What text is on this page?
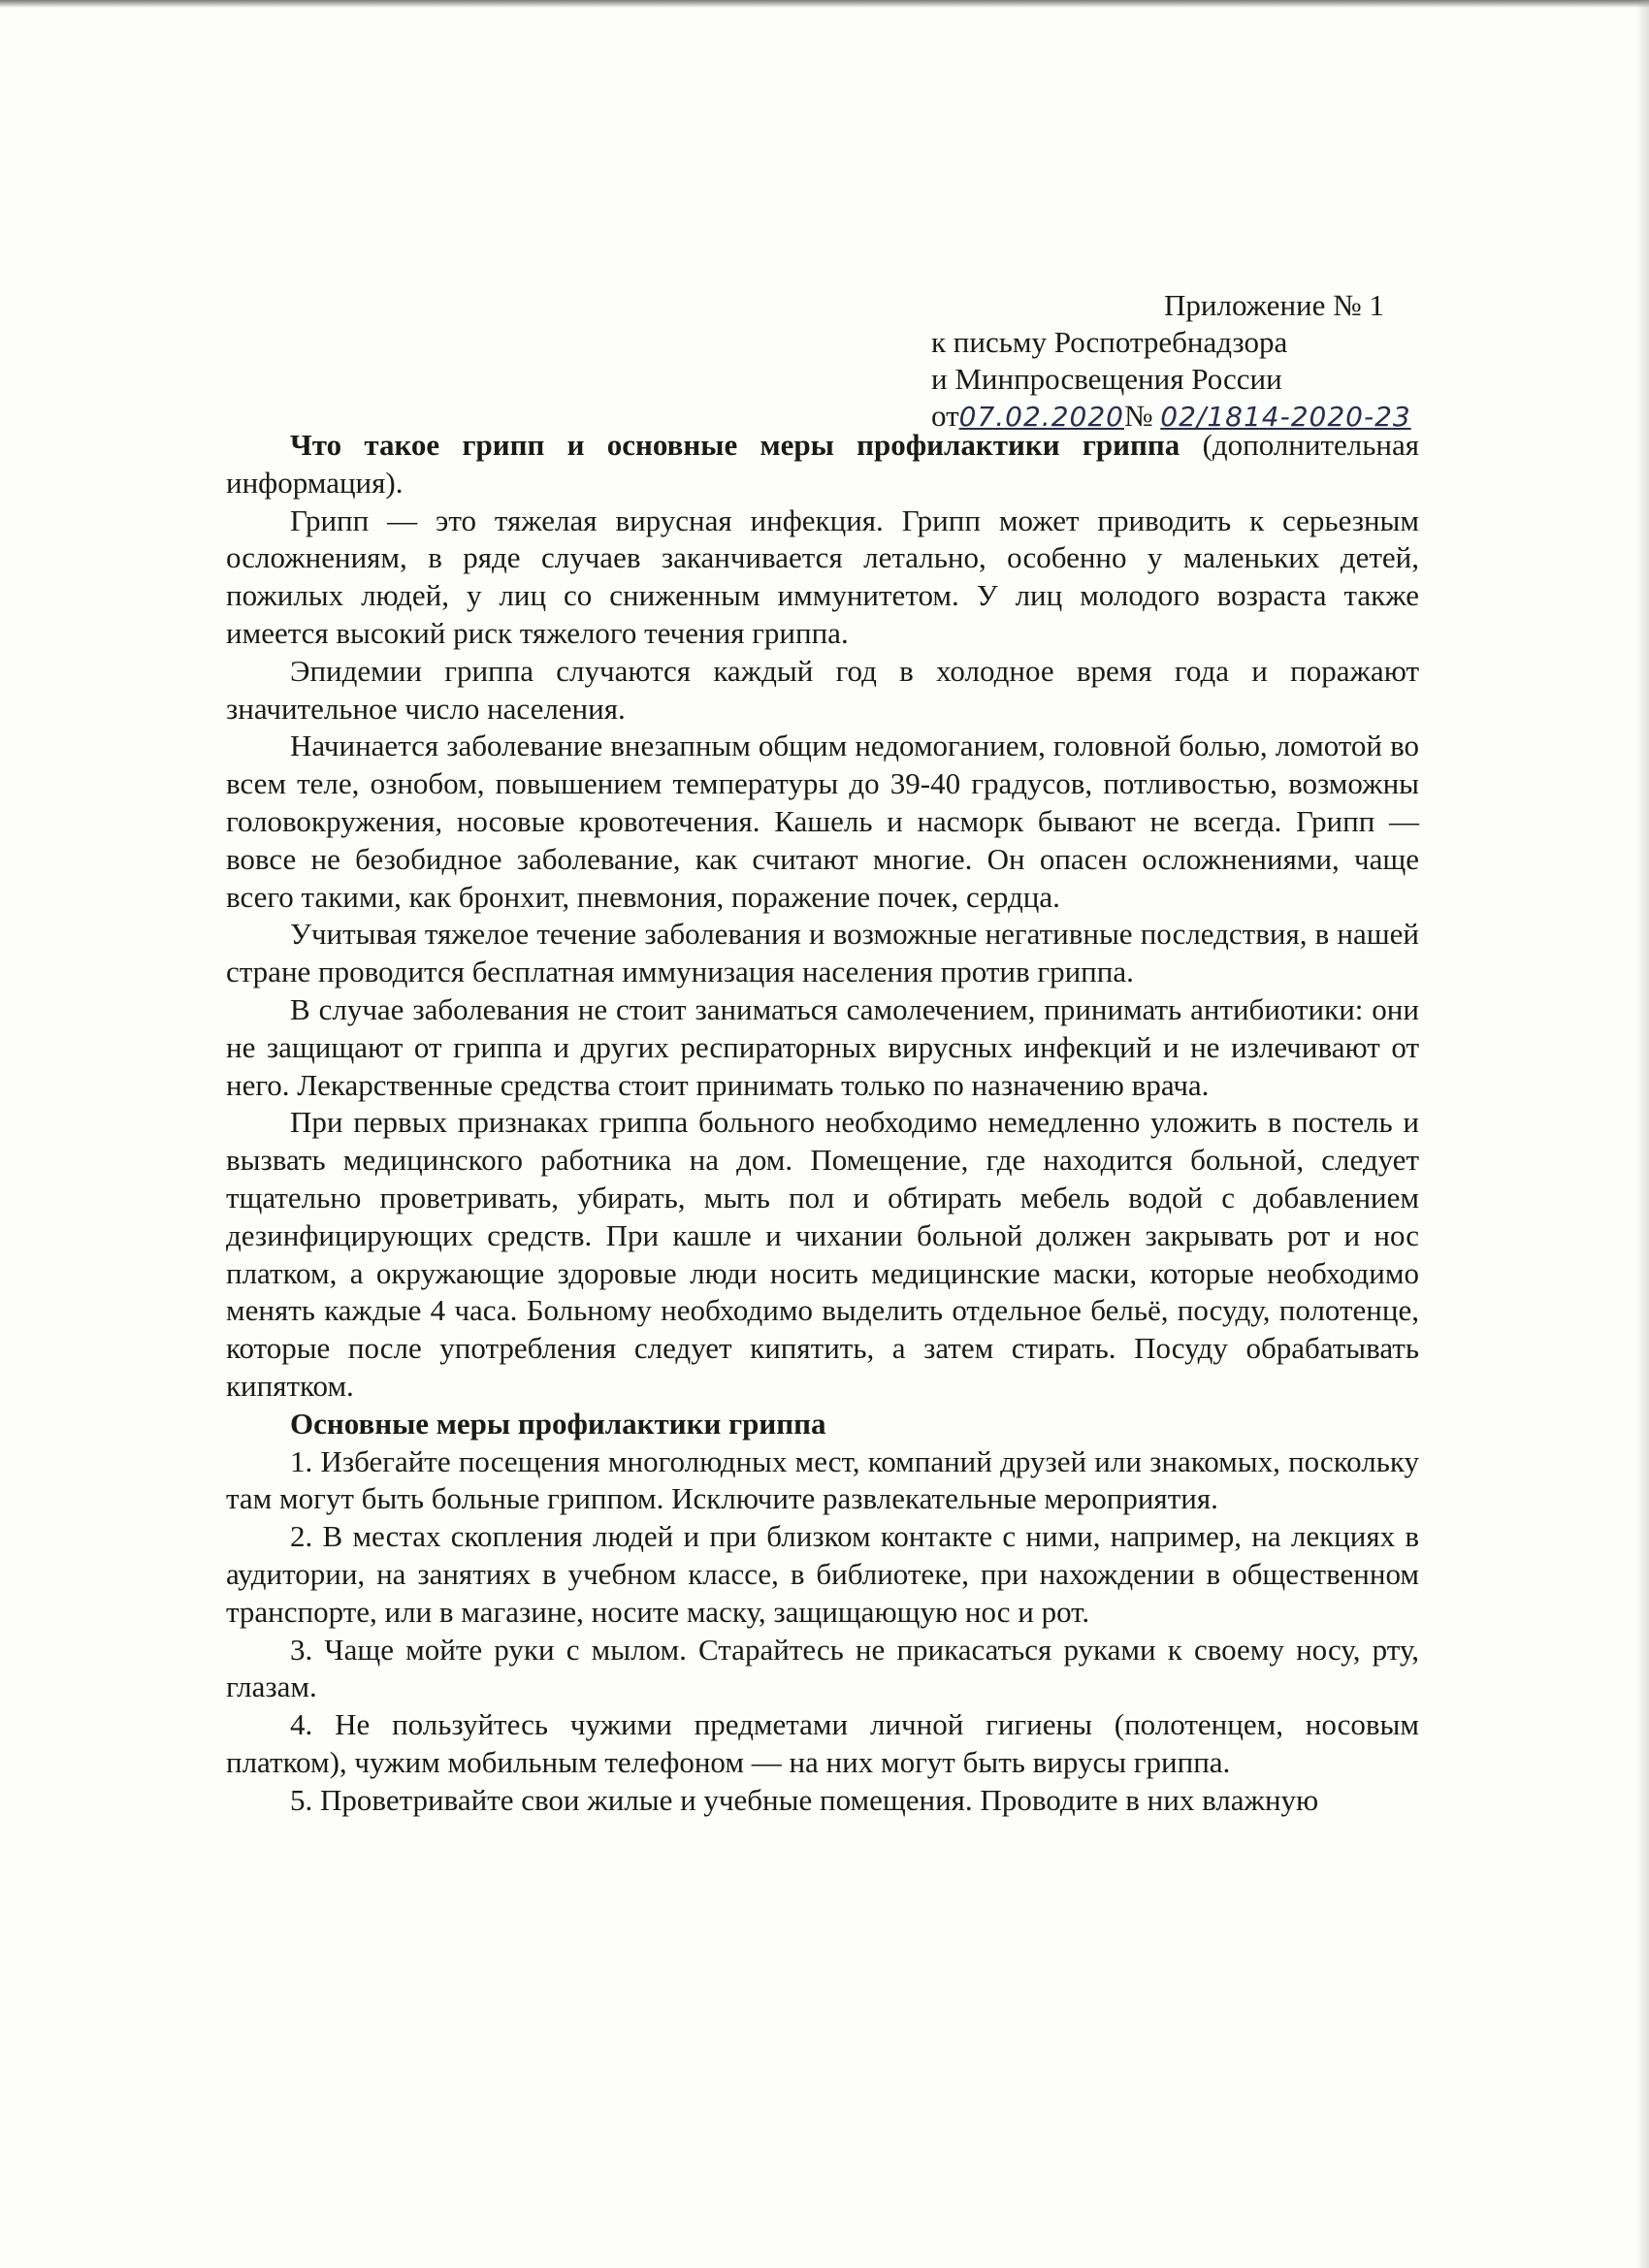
Приложение № 1
к письму Роспотребнадзора
и Минпросвещения России
от07.02.2020№ 02/1814-2020-23

Что такое грипп и основные меры профилактики гриппа (дополнительная информация).

Грипп — это тяжелая вирусная инфекция. Грипп может приводить к серьезным осложнениям, в ряде случаев заканчивается летально, особенно у маленьких детей, пожилых людей, у лиц со сниженным иммунитетом. У лиц молодого возраста также имеется высокий риск тяжелого течения гриппа.

Эпидемии гриппа случаются каждый год в холодное время года и поражают значительное число населения.

Начинается заболевание внезапным общим недомоганием, головной болью, ломотой во всем теле, ознобом, повышением температуры до 39-40 градусов, потливостью, возможны головокружения, носовые кровотечения. Кашель и насморк бывают не всегда. Грипп — вовсе не безобидное заболевание, как считают многие. Он опасен осложнениями, чаще всего такими, как бронхит, пневмония, поражение почек, сердца.

Учитывая тяжелое течение заболевания и возможные негативные последствия, в нашей стране проводится бесплатная иммунизация населения против гриппа.

В случае заболевания не стоит заниматься самолечением, принимать антибиотики: они не защищают от гриппа и других респираторных вирусных инфекций и не излечивают от него. Лекарственные средства стоит принимать только по назначению врача.

При первых признаках гриппа больного необходимо немедленно уложить в постель и вызвать медицинского работника на дом. Помещение, где находится больной, следует тщательно проветривать, убирать, мыть пол и обтирать мебель водой с добавлением дезинфицирующих средств. При кашле и чихании больной должен закрывать рот и нос платком, а окружающие здоровые люди носить медицинские маски, которые необходимо менять каждые 4 часа. Больному необходимо выделить отдельное бельё, посуду, полотенце, которые после употребления следует кипятить, а затем стирать. Посуду обрабатывать кипятком.

Основные меры профилактики гриппа

1. Избегайте посещения многолюдных мест, компаний друзей или знакомых, поскольку там могут быть больные гриппом. Исключите развлекательные мероприятия.

2. В местах скопления людей и при близком контакте с ними, например, на лекциях в аудитории, на занятиях в учебном классе, в библиотеке, при нахождении в общественном транспорте, или в магазине, носите маску, защищающую нос и рот.

3. Чаще мойте руки с мылом. Старайтесь не прикасаться руками к своему носу, рту, глазам.

4. Не пользуйтесь чужими предметами личной гигиены (полотенцем, носовым платком), чужим мобильным телефоном — на них могут быть вирусы гриппа.

5. Проветривайте свои жилые и учебные помещения. Проводите в них влажную
